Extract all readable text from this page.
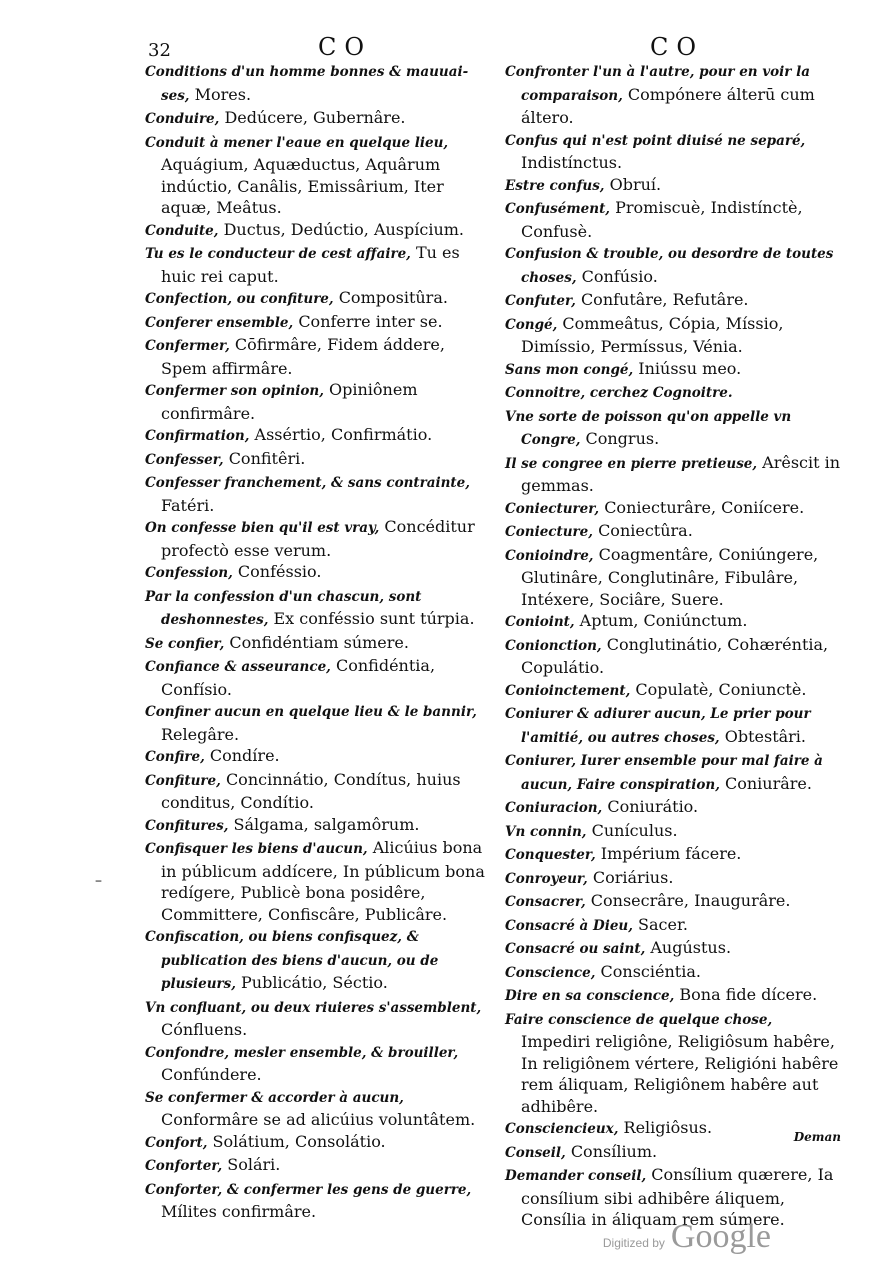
32	CO	CO

Conditions d'un homme bonnes & mauuai-ses, Mores.

Conduire, Dedúcere, Gubernâre.

Conduit à mener l'eaue en quelque lieu, Aquágium, Aquæductus, Aquârum indúctio, Canâlis, Emissârium, Iter aquæ, Meâtus.

Conduite, Ductus, Dedúctio, Auspícium.

Tu es le conducteur de cest affaire, Tu es huic rei caput.

Confection, ou confiture, Compositûra.

Conferer ensemble, Conferre inter se.

Confermer, Cōfirmâre, Fidem áddere, Spem affirmâre.

Confermer son opinion, Opiniônem confirmâre.

Confirmation, Assértio, Confirmátio.

Confesser, Confitêri.

Confesser franchement, & sans contrainte, Fatéri.

On confesse bien qu'il est vray, Concéditur profectò esse verum.

Confession, Conféssio.

Par la confession d'un chascun, sont deshonnestes, Ex conféssio sunt túrpia.

Se confier, Confidéntiam súmere.

Confiance & asseurance, Confidéntia, Confísio.

Confiner aucun en quelque lieu & le bannir, Relegâre.

Confire, Condíre.

Confiture, Concinnátio, Condítus, huius conditus, Condítio.

Confitures, Sálgama, salgamôrum.

Confisquer les biens d'aucun, Alicúius bona in públicum addícere, In públicum bona redígere, Publicè bona posidêre, Committere, Confiscâre, Publicâre.

Confiscation, ou biens confisquez, & publication des biens d'aucun, ou de plusieurs, Publicátio, Séctio.

Vn confluant, ou deux riuieres s'assemblent, Cónfluens.

Confondre, mesler ensemble, & brouiller, Confúndere.

Se confermer & accorder à aucun, Conformâre se ad alicúius voluntâtem.

Confort, Solátium, Consolátio.

Conforter, Solári.

Conforter, & confermer les gens de guerre, Mílites confirmâre.

Confronter l'un à l'autre, pour en voir la comparaison, Compónere álterū cum áltero.

Confus qui n'est point diuisé ne separé, Indistínctus.

Estre confus, Obruí.

Confusément, Promiscuè, Indistínctè, Confusè.

Confusion & trouble, ou desordre de toutes choses, Confúsio.

Confuter, Confutâre, Refutâre.

Congé, Commeâtus, Cópia, Míssio, Dimíssio, Permíssus, Vénia.

Sans mon congé, Iniússu meo.

Connoitre, cerchez Cognoitre.

Vne sorte de poisson qu'on appelle vn Congre, Congrus.

Il se congree en pierre pretieuse, Arêscit in gemmas.

Coniecturer, Coniecturâre, Coniícere.

Coniecture, Coniectûra.

Conioindre, Coagmentâre, Coniúngere, Glutinâre, Conglutinâre, Fibulâre, Intéxere, Sociâre, Suere.

Conioint, Aptum, Coniúnctum.

Conionction, Conglutinátio, Cohæréntia, Copulátio.

Conioinctement, Copulatè, Coniunctè.

Coniurer & adiurer aucun, Le prier pour l'amitié, ou autres choses, Obtestâri.

Coniurer, Iurer ensemble pour mal faire à aucun, Faire conspiration, Coniurâre.

Coniuracion, Coniurátio.

Vn connin, Cunículus.

Conquester, Impérium fácere.

Conroyeur, Coriárius.

Consacrer, Consecrâre, Inaugurâre.

Consacré à Dieu, Sacer.

Consacré ou saint, Augústus.

Conscience, Consciéntia.

Dire en sa conscience, Bona fide dícere.

Faire conscience de quelque chose, Impediri religiône, Religiôsum habêre, In religiônem vértere, Religióni habêre rem áliquam, Religiônem habêre aut adhibêre.

Consciencieux, Religiôsus.

Conseil, Consílium.

Demander conseil, Consílium quærere, Ia consílium sibi adhibêre áliquem, Consília in áliquam rem súmere.

–
Deman
Digitized by Google
